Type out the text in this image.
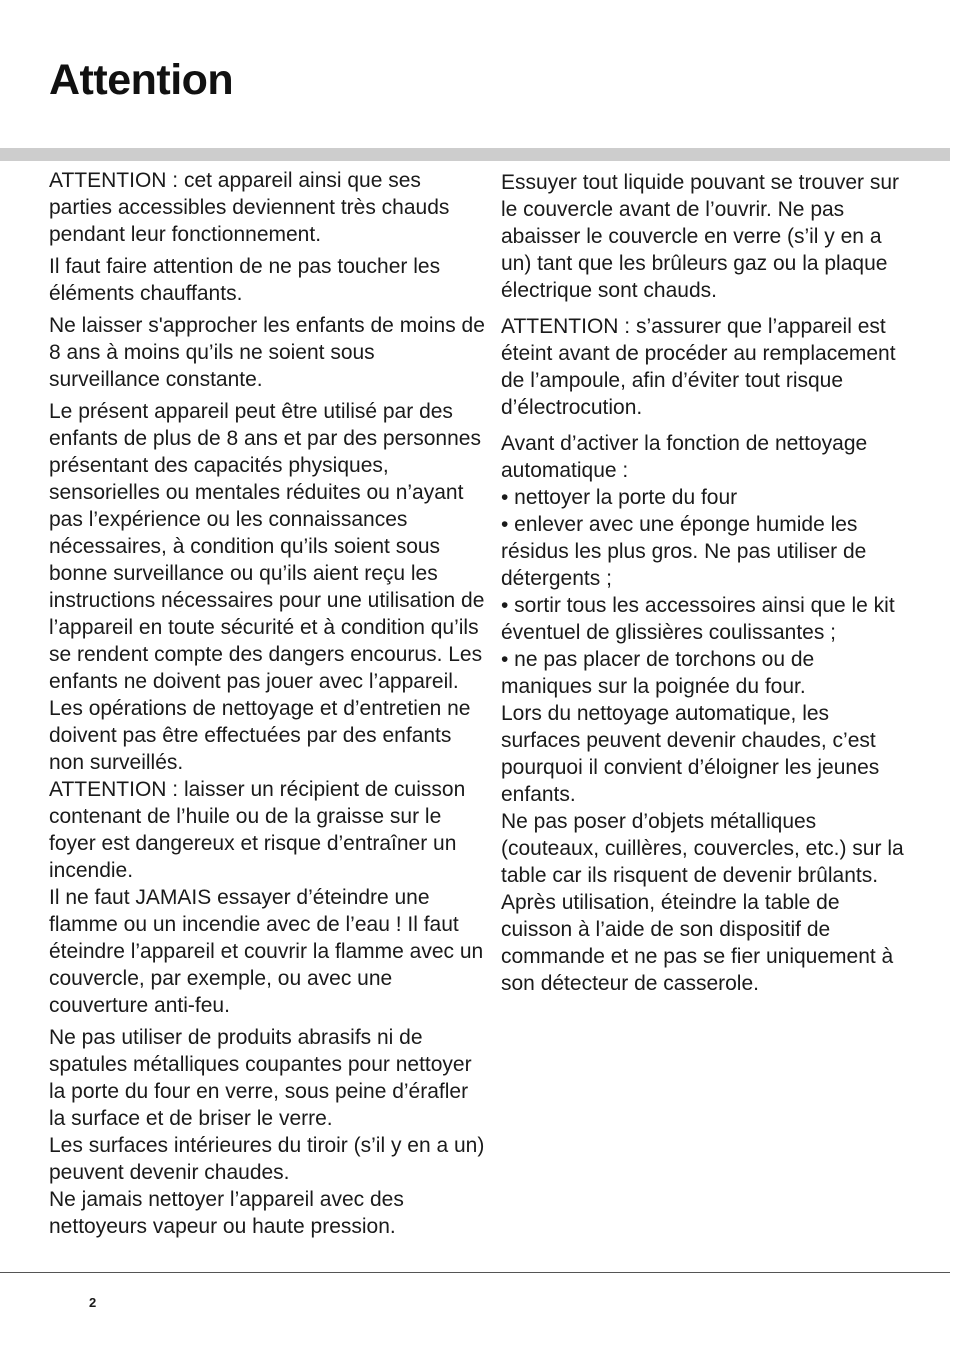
Attention

ATTENTION : cet appareil ainsi que ses parties accessibles deviennent très chauds pendant leur fonctionnement.

Il faut faire attention de ne pas toucher les éléments chauffants.

Ne laisser s'approcher les enfants de moins de 8 ans à moins qu’ils ne soient sous surveillance constante.

Le présent appareil peut être utilisé par des enfants de plus de 8 ans et par des personnes présentant des capacités physiques, sensorielles ou mentales réduites ou n’ayant pas l’expérience ou les connaissances nécessaires, à condition qu’ils soient sous bonne surveillance ou qu’ils aient reçu les instructions nécessaires pour une utilisation de l’appareil en toute sécurité et à condition qu’ils se rendent compte des dangers encourus. Les enfants ne doivent pas jouer avec l’appareil. Les opérations de nettoyage et d’entretien ne doivent pas être effectuées par des enfants non surveillés.

ATTENTION : laisser un récipient de cuisson contenant de l’huile ou de la graisse sur le foyer est dangereux et risque d’entraîner un incendie.

Il ne faut JAMAIS essayer d’éteindre une flamme ou un incendie avec de l’eau ! Il faut éteindre l’appareil et couvrir la flamme avec un couvercle, par exemple, ou avec une couverture anti-feu.

Ne pas utiliser de produits abrasifs ni de spatules métalliques coupantes pour nettoyer la porte du four en verre, sous peine d’érafler la surface et de briser le verre.

Les surfaces intérieures du tiroir (s’il y en a un) peuvent devenir chaudes.

Ne jamais nettoyer l’appareil avec des nettoyeurs vapeur ou haute pression.

Essuyer tout liquide pouvant se trouver sur le couvercle avant de l’ouvrir. Ne pas abaisser le couvercle en verre (s’il y en a un) tant que les brûleurs gaz ou la plaque électrique sont chauds.

ATTENTION : s’assurer que l’appareil est éteint avant de procéder au remplacement de l’ampoule, afin d’éviter tout risque d’électrocution.

Avant d’activer la fonction de nettoyage automatique :

• nettoyer la porte du four

• enlever avec une éponge humide les résidus les plus gros. Ne pas utiliser de détergents ;

• sortir tous les accessoires ainsi que le kit éventuel de glissières coulissantes ;

• ne pas placer de torchons ou de maniques sur la poignée du four.

Lors du nettoyage automatique, les surfaces peuvent devenir chaudes, c’est pourquoi il convient d’éloigner les jeunes enfants.

Ne pas poser d’objets métalliques (couteaux, cuillères, couvercles, etc.) sur la table car ils risquent de devenir brûlants.

Après utilisation, éteindre la table de cuisson à l’aide de son dispositif de commande et ne pas se fier uniquement à son détecteur de casserole.

2
